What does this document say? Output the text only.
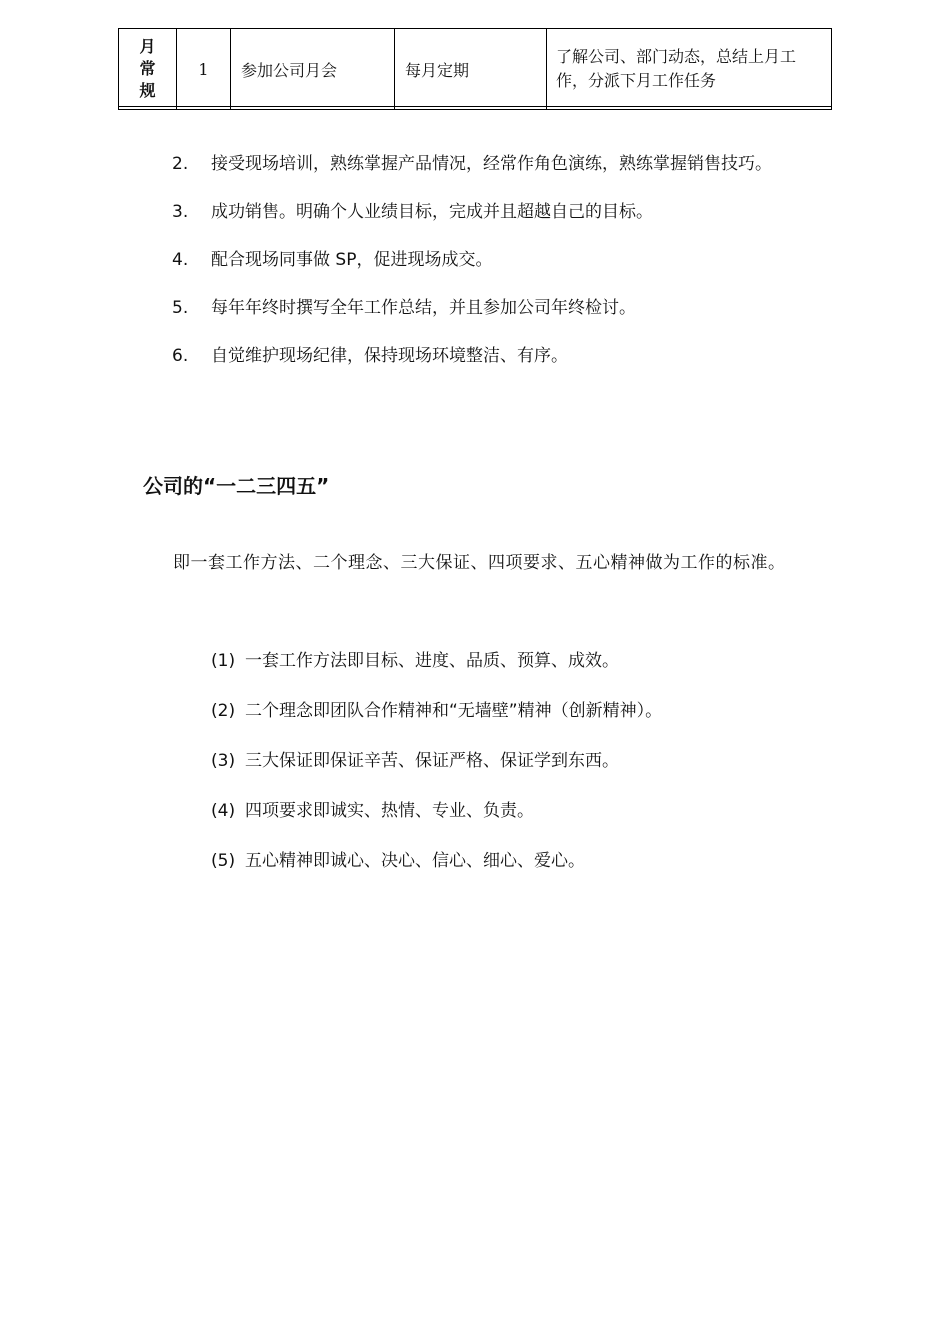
月
常
规	1	参加公司月会	每月定期	了解公司、部门动态，总结上月工作，分派下月工作任务
2. 接受现场培训，熟练掌握产品情况，经常作角色演练，熟练掌握销售技巧。
3. 成功销售。明确个人业绩目标，完成并且超越自己的目标。
4. 配合现场同事做 SP，促进现场成交。
5. 每年年终时撰写全年工作总结，并且参加公司年终检讨。
6. 自觉维护现场纪律，保持现场环境整洁、有序。
公司的“一二三四五”

即一套工作方法、二个理念、三大保证、四项要求、五心精神做为工作的标准。

(1) 一套工作方法即目标、进度、品质、预算、成效。
(2) 二个理念即团队合作精神和“无墙壁”精神（创新精神）。
(3) 三大保证即保证辛苦、保证严格、保证学到东西。
(4) 四项要求即诚实、热情、专业、负责。
(5) 五心精神即诚心、决心、信心、细心、爱心。
